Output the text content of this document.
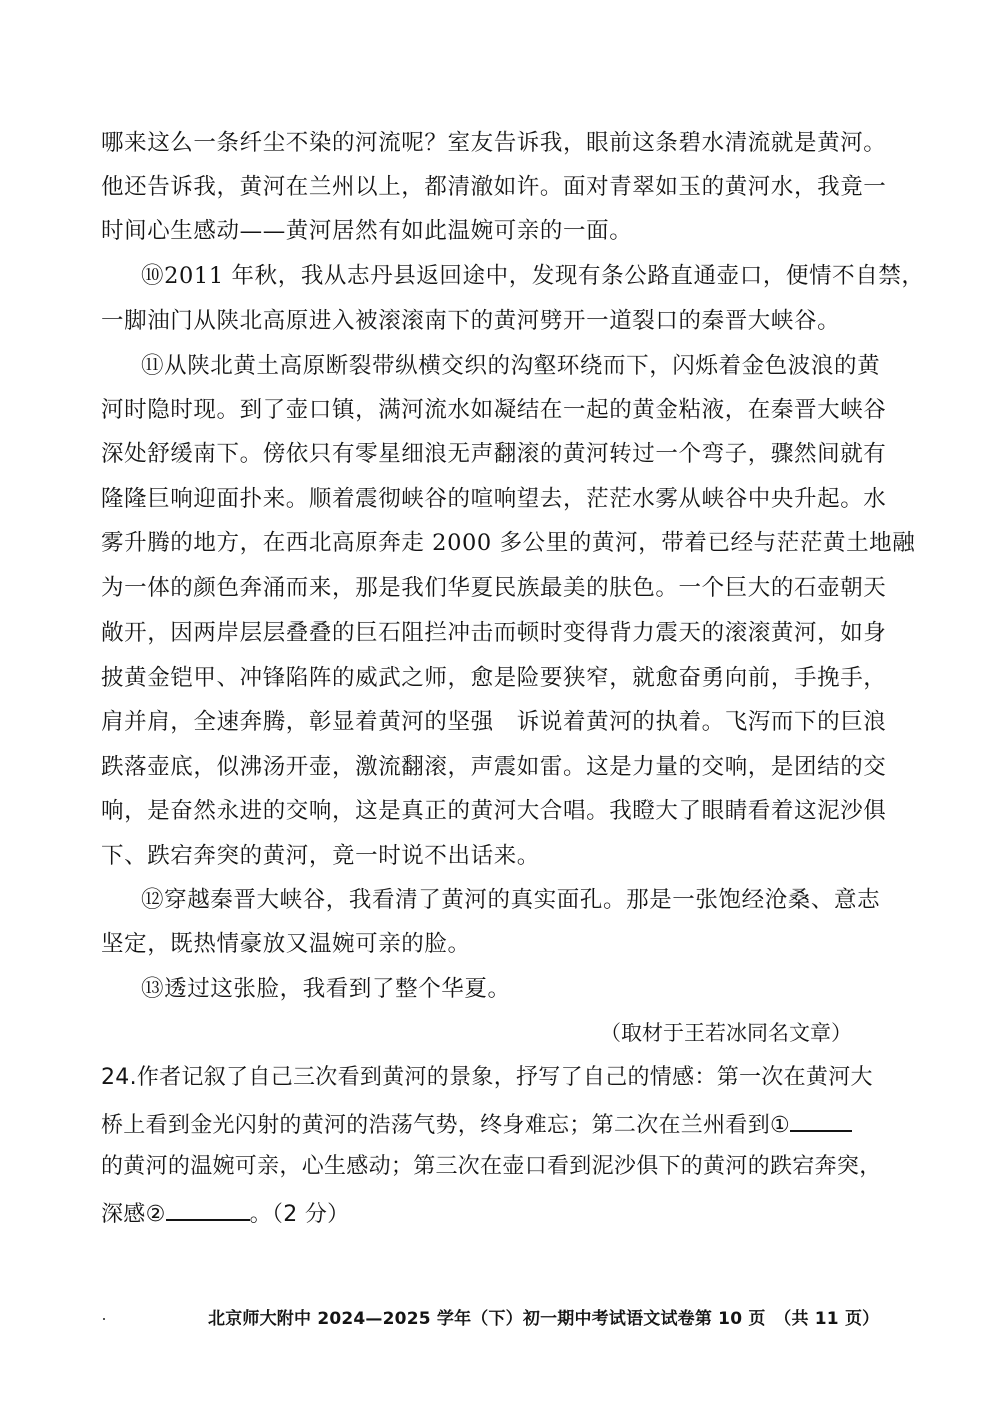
哪来这么一条纤尘不染的河流呢？室友告诉我，眼前这条碧水清流就是黄河。
他还告诉我，黄河在兰州以上，都清澈如许。面对青翠如玉的黄河水，我竟一
时间心生感动——黄河居然有如此温婉可亲的一面。
⑩2011 年秋，我从志丹县返回途中，发现有条公路直通壶口，便情不自禁，
一脚油门从陕北高原进入被滚滚南下的黄河劈开一道裂口的秦晋大峡谷。
⑪从陕北黄土高原断裂带纵横交织的沟壑环绕而下，闪烁着金色波浪的黄
河时隐时现。到了壶口镇，满河流水如凝结在一起的黄金粘液，在秦晋大峡谷
深处舒缓南下。傍依只有零星细浪无声翻滚的黄河转过一个弯子，骤然间就有
隆隆巨响迎面扑来。顺着震彻峡谷的喧响望去，茫茫水雾从峡谷中央升起。水
雾升腾的地方，在西北高原奔走 2000 多公里的黄河，带着已经与茫茫黄土地融
为一体的颜色奔涌而来，那是我们华夏民族最美的肤色。一个巨大的石壶朝天
敞开，因两岸层层叠叠的巨石阻拦冲击而顿时变得背力震天的滚滚黄河，如身
披黄金铠甲、冲锋陷阵的威武之师，愈是险要狭窄，就愈奋勇向前，手挽手，
肩并肩，全速奔腾，彰显着黄河的坚强　诉说着黄河的执着。飞泻而下的巨浪
跌落壶底，似沸汤开壶，激流翻滚，声震如雷。这是力量的交响，是团结的交
响，是奋然永进的交响，这是真正的黄河大合唱。我瞪大了眼睛看着这泥沙俱
下、跌宕奔突的黄河，竟一时说不出话来。
⑫穿越秦晋大峡谷，我看清了黄河的真实面孔。那是一张饱经沧桑、意志
坚定，既热情豪放又温婉可亲的脸。
⑬透过这张脸，我看到了整个华夏。
（取材于王若冰同名文章）
24.作者记叙了自己三次看到黄河的景象，抒写了自己的情感：第一次在黄河大
桥上看到金光闪射的黄河的浩荡气势，终身难忘；第二次在兰州看到①
的黄河的温婉可亲，心生感动；第三次在壶口看到泥沙俱下的黄河的跌宕奔突，
深感②	。（2 分）
北京师大附中 2024—2025 学年（下）初一期中考试语文试卷第 10 页　（共 11 页）
